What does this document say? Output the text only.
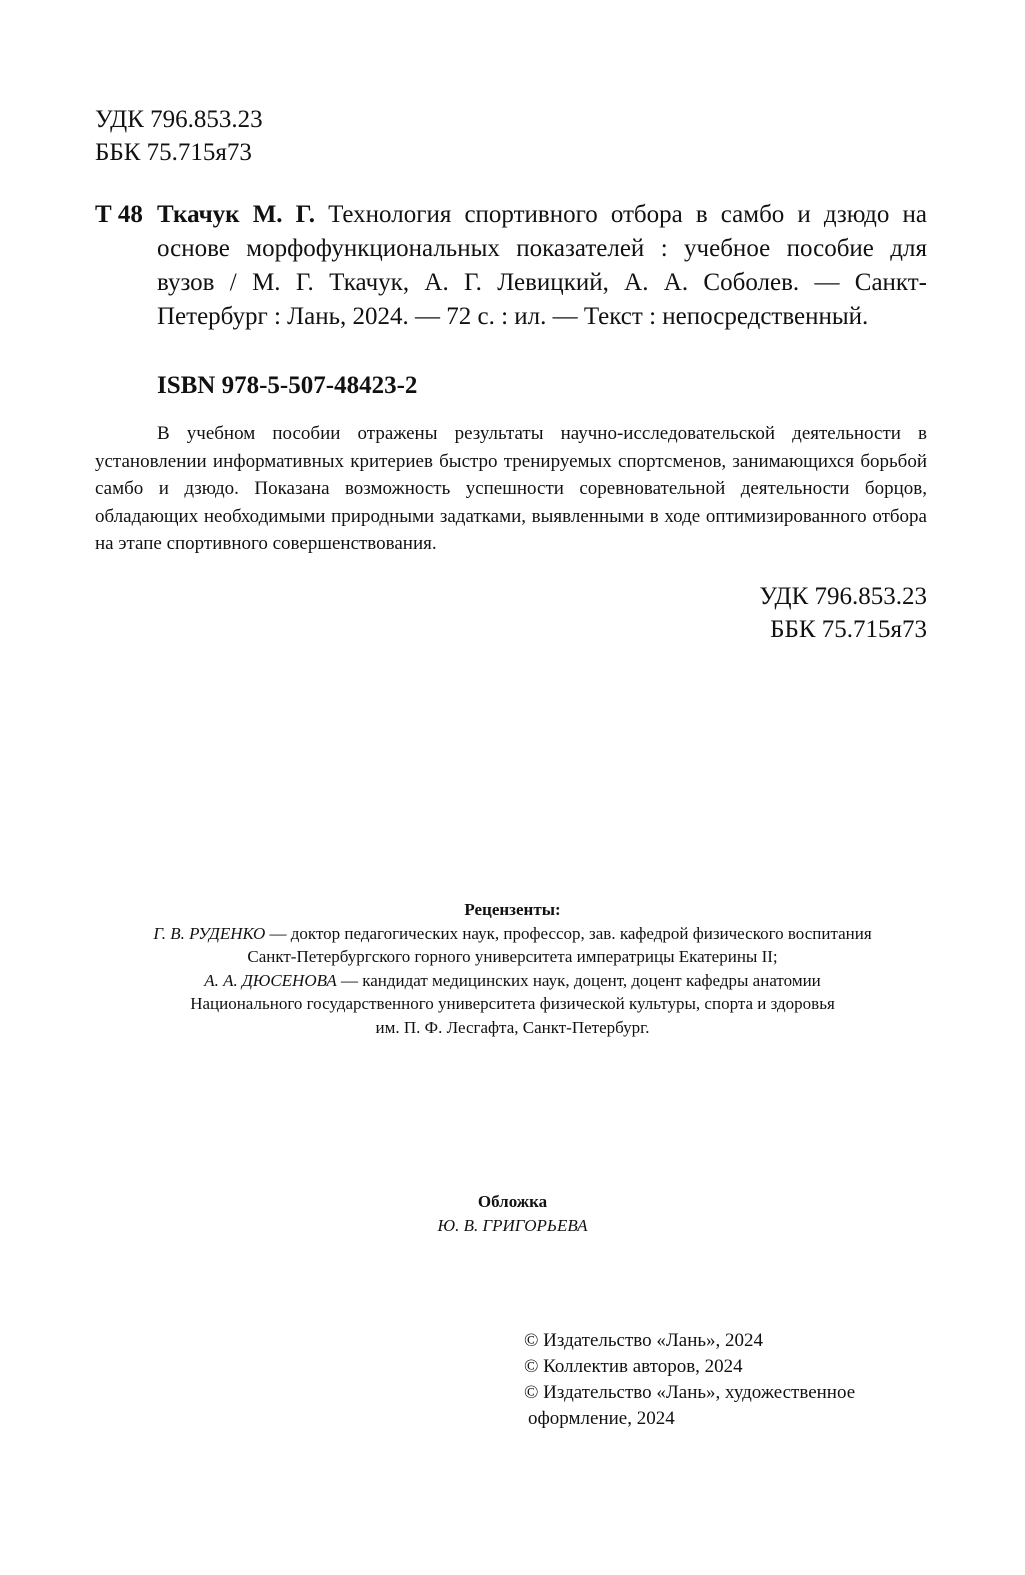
УДК 796.853.23
ББК 75.715я73
Т 48 Ткачук М. Г. Технология спортивного отбора в самбо и дзюдо на основе морфофункциональных показателей : учебное пособие для вузов / М. Г. Ткачук, А. Г. Левицкий, А. А. Соболев. — Санкт-Петербург : Лань, 2024. — 72 с. : ил. — Текст : непосредственный.
ISBN 978-5-507-48423-2
В учебном пособии отражены результаты научно-исследовательской деятельности в установлении информативных критериев быстро тренируемых спортсменов, занимающихся борьбой самбо и дзюдо. Показана возможность успешности соревновательной деятельности борцов, обладающих необходимыми природными задатками, выявленными в ходе оптимизированного отбора на этапе спортивного совершенствования.
УДК 796.853.23
ББК 75.715я73
Рецензенты:
Г. В. РУДЕНКО — доктор педагогических наук, профессор, зав. кафедрой физического воспитания
Санкт-Петербургского горного университета императрицы Екатерины II;
А. А. ДЮСЕНОВА — кандидат медицинских наук, доцент, доцент кафедры анатомии
Национального государственного университета физической культуры, спорта и здоровья
им. П. Ф. Лесгафта, Санкт-Петербург.
Обложка
Ю. В. ГРИГОРЬЕВА
© Издательство «Лань», 2024
© Коллектив авторов, 2024
© Издательство «Лань», художественное
оформление, 2024
